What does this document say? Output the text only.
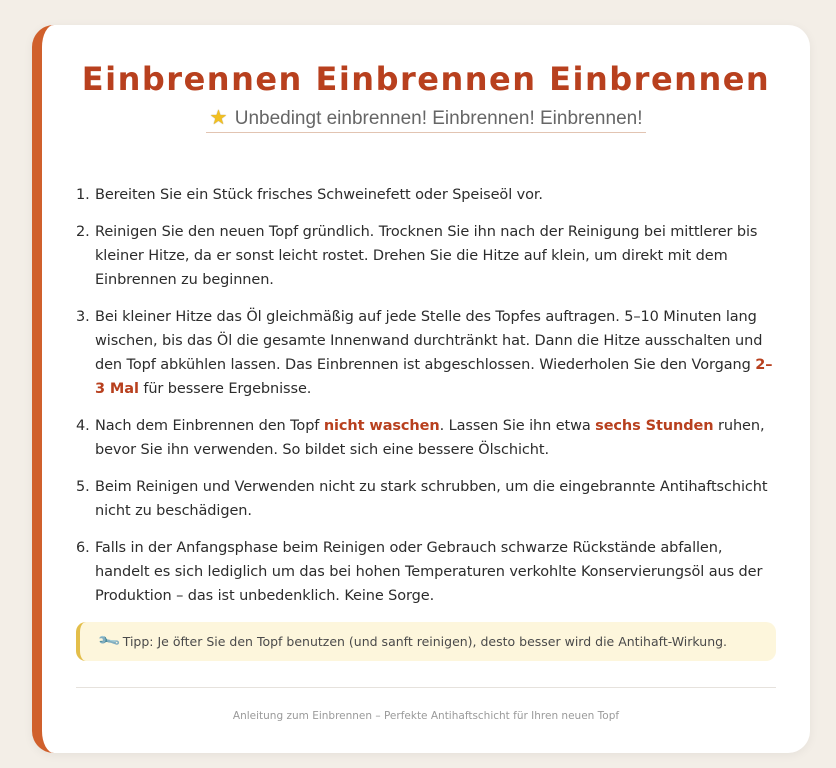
Einbrennen Einbrennen Einbrennen
★ Unbedingt einbrennen! Einbrennen! Einbrennen!
1. Bereiten Sie ein Stück frisches Schweinefett oder Speiseöl vor.
2. Reinigen Sie den neuen Topf gründlich. Trocknen Sie ihn nach der Reinigung bei mittlerer bis kleiner Hitze, da er sonst leicht rostet. Drehen Sie die Hitze auf klein, um direkt mit dem Einbrennen zu beginnen.
3. Bei kleiner Hitze das Öl gleichmäßig auf jede Stelle des Topfes auftragen. 5–10 Minuten lang wischen, bis das Öl die gesamte Innenwand durchtränkt hat. Dann die Hitze ausschalten und den Topf abkühlen lassen. Das Einbrennen ist abgeschlossen. Wiederholen Sie den Vorgang 2–3 Mal für bessere Ergebnisse.
4. Nach dem Einbrennen den Topf nicht waschen. Lassen Sie ihn etwa sechs Stunden ruhen, bevor Sie ihn verwenden. So bildet sich eine bessere Ölschicht.
5. Beim Reinigen und Verwenden nicht zu stark schrubben, um die eingebrannte Antihaftschicht nicht zu beschädigen.
6. Falls in der Anfangsphase beim Reinigen oder Gebrauch schwarze Rückstände abfallen, handelt es sich lediglich um das bei hohen Temperaturen verkohlte Konservierungsöl aus der Produktion – das ist unbedenklich. Keine Sorge.
🔧Tipp: Je öfter Sie den Topf benutzen (und sanft reinigen), desto besser wird die Antihaft-Wirkung.
Anleitung zum Einbrennen – Perfekte Antihaftschicht für Ihren neuen Topf
